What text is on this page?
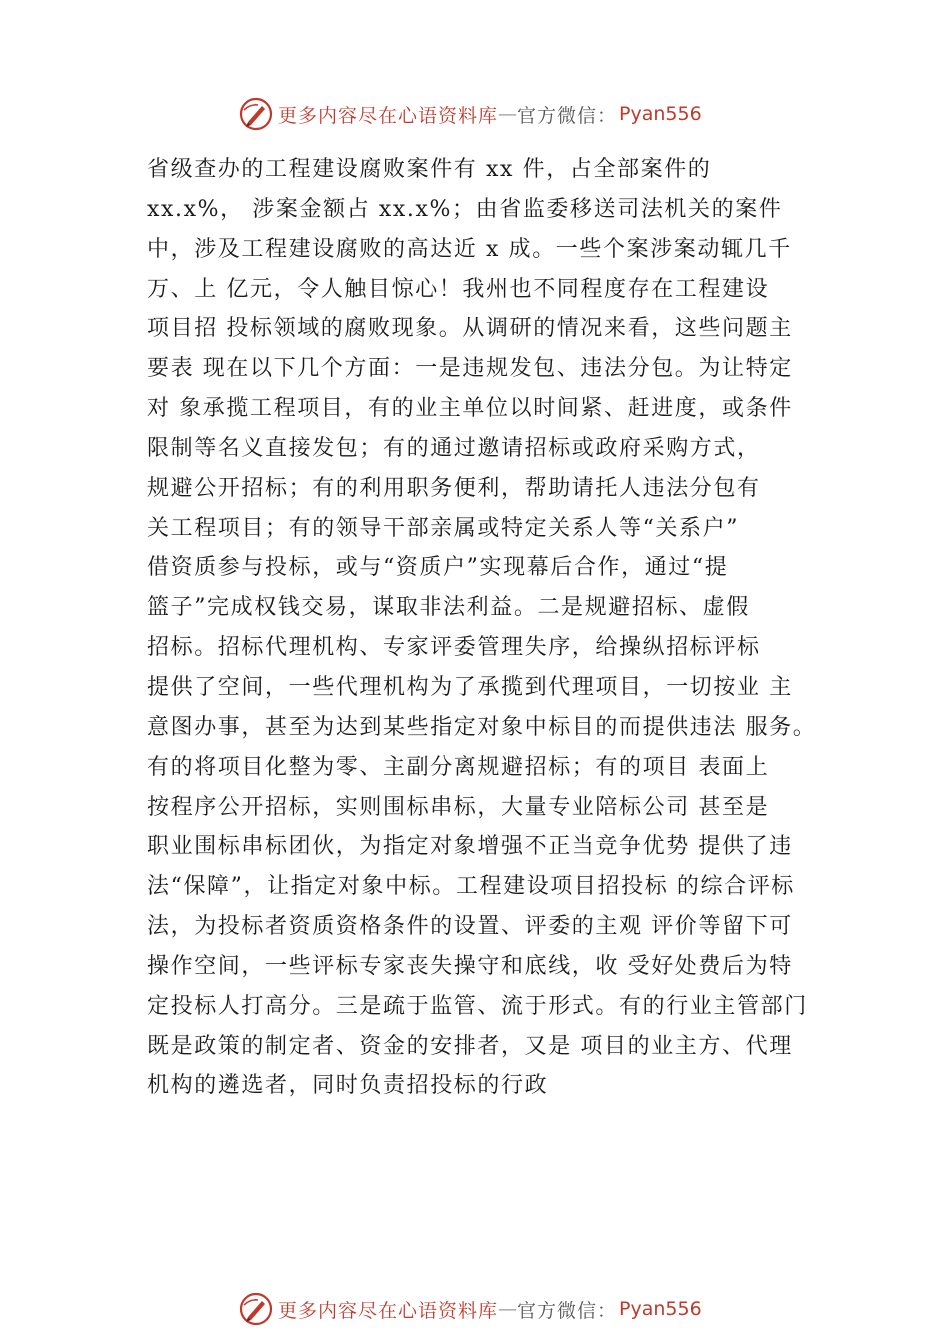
更多内容尽在心语资料库 — 官方微信： Pyan556
省级查办的工程建设腐败案件有 xx 件，占全部案件的
xx.x%， 涉案金额占 xx.x%；由省监委移送司法机关的案件
中，涉及工程建设腐败的高达近 x 成。一些个案涉案动辄几千
万、上 亿元，令人触目惊心！我州也不同程度存在工程建设
项目招 投标领域的腐败现象。从调研的情况来看，这些问题主
要表 现在以下几个方面：一是违规发包、违法分包。为让特定
对 象承揽工程项目，有的业主单位以时间紧、赶进度，或条件
限制等名义直接发包；有的通过邀请招标或政府采购方式，
规避公开招标；有的利用职务便利，帮助请托人违法分包有
关工程项目；有的领导干部亲属或特定关系人等“关系户”
借资质参与投标，或与“资质户”实现幕后合作，通过“提
篮子”完成权钱交易，谋取非法利益。二是规避招标、虚假
招标。招标代理机构、专家评委管理失序，给操纵招标评标
提供了空间，一些代理机构为了承揽到代理项目，一切按业 主
意图办事，甚至为达到某些指定对象中标目的而提供违法 服务。
有的将项目化整为零、主副分离规避招标；有的项目 表面上
按程序公开招标，实则围标串标，大量专业陪标公司 甚至是
职业围标串标团伙，为指定对象增强不正当竞争优势 提供了违
法“保障”，让指定对象中标。工程建设项目招投标 的综合评标
法，为投标者资质资格条件的设置、评委的主观 评价等留下可
操作空间，一些评标专家丧失操守和底线，收 受好处费后为特
定投标人打高分。三是疏于监管、流于形式。有的行业主管部门
既是政策的制定者、资金的安排者，又是 项目的业主方、代理
机构的遴选者，同时负责招投标的行政
更多内容尽在心语资料库 — 官方微信： Pyan556
